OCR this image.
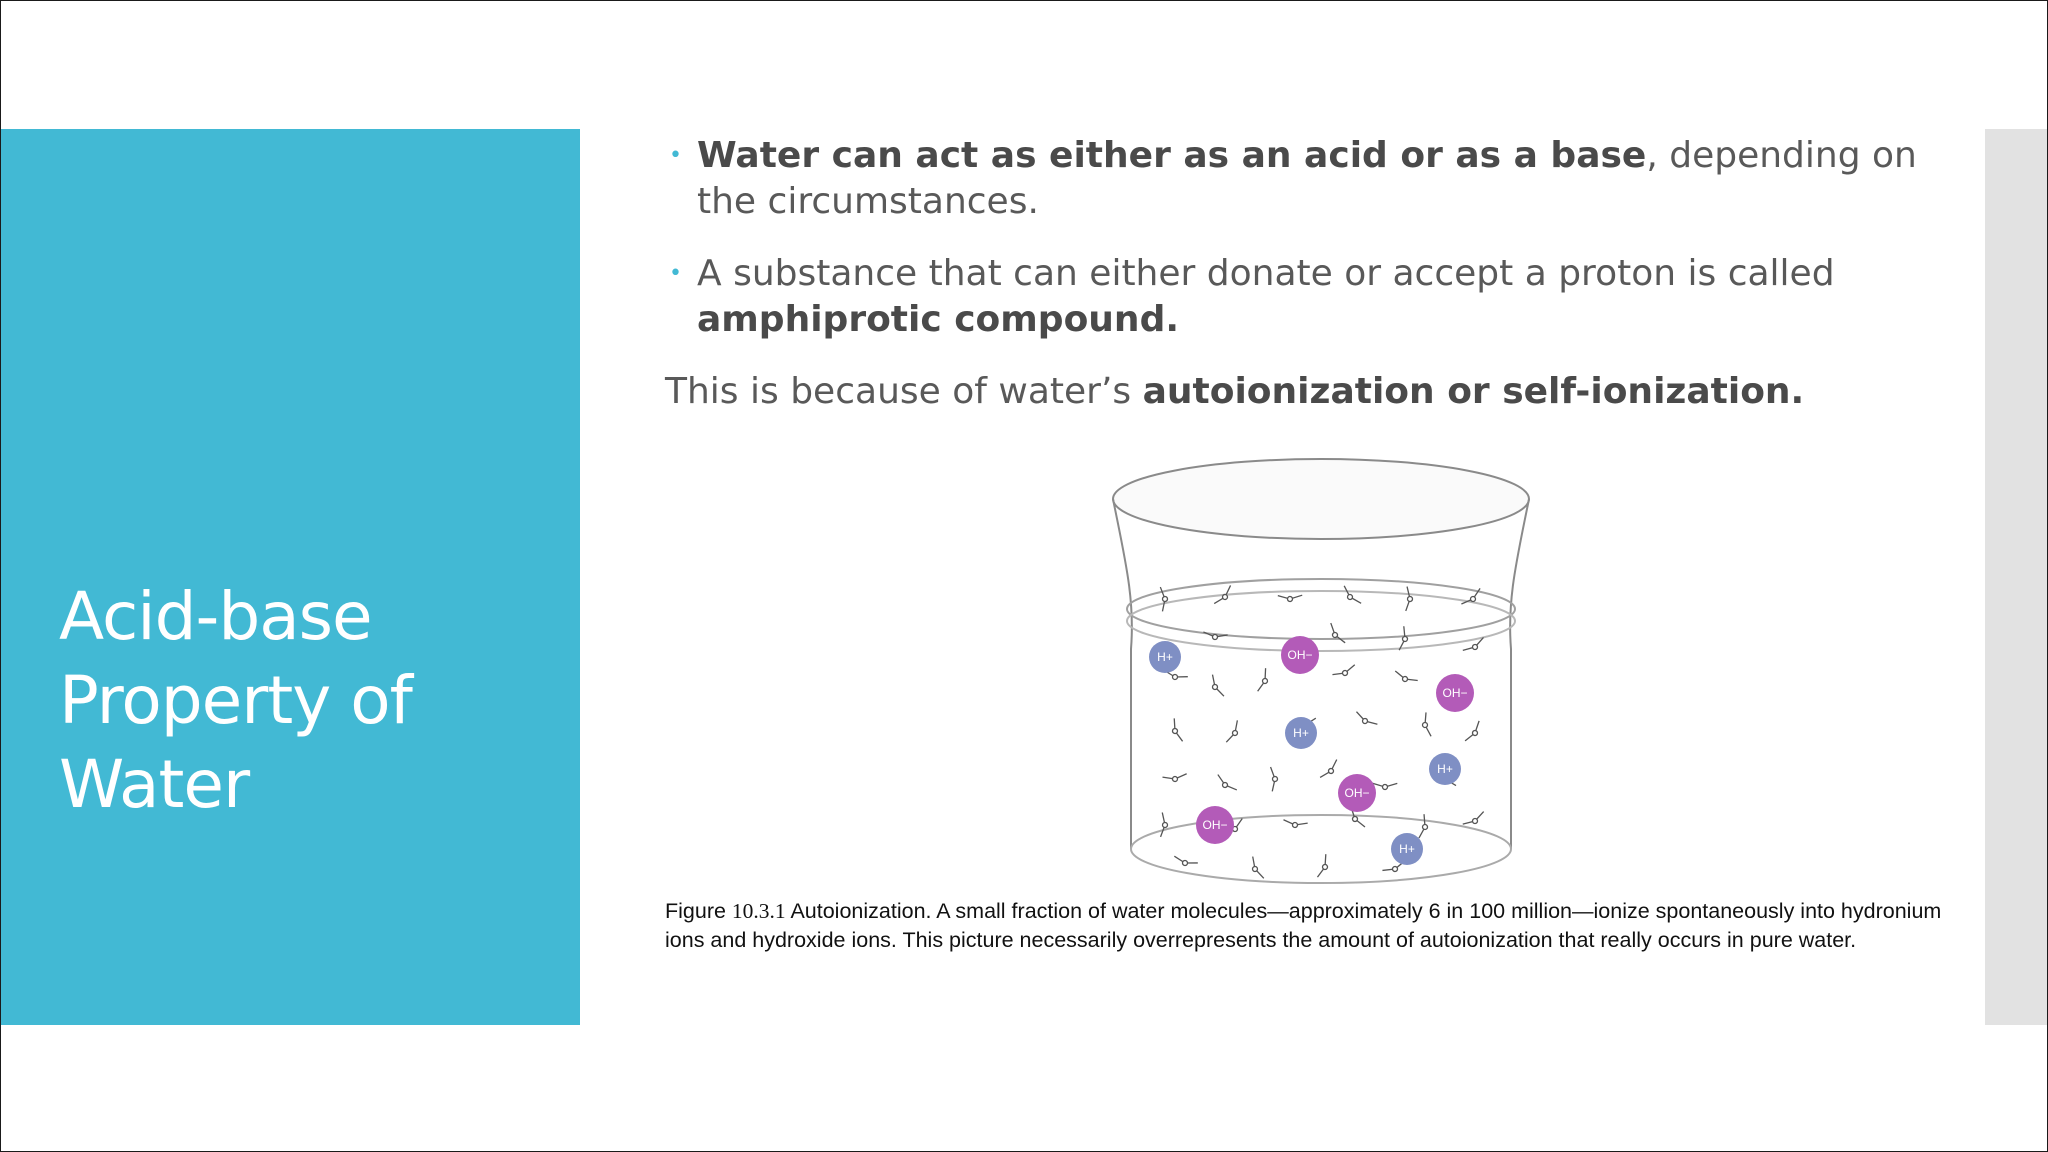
Acid-base
Property of
Water
• Water can act as either as an acid or as a base, depending on the circumstances.
• A substance that can either donate or accept a proton is called amphiprotic compound.
This is because of water’s autoionization or self-ionization.
H+	OH−
OH−
H+
H+
OH−
OH−
H+
Figure 10.3.1 Autoionization. A small fraction of water molecules—approximately 6 in 100 million—ionize spontaneously into hydronium ions and hydroxide ions. This picture necessarily overrepresents the amount of autoionization that really occurs in pure water.
